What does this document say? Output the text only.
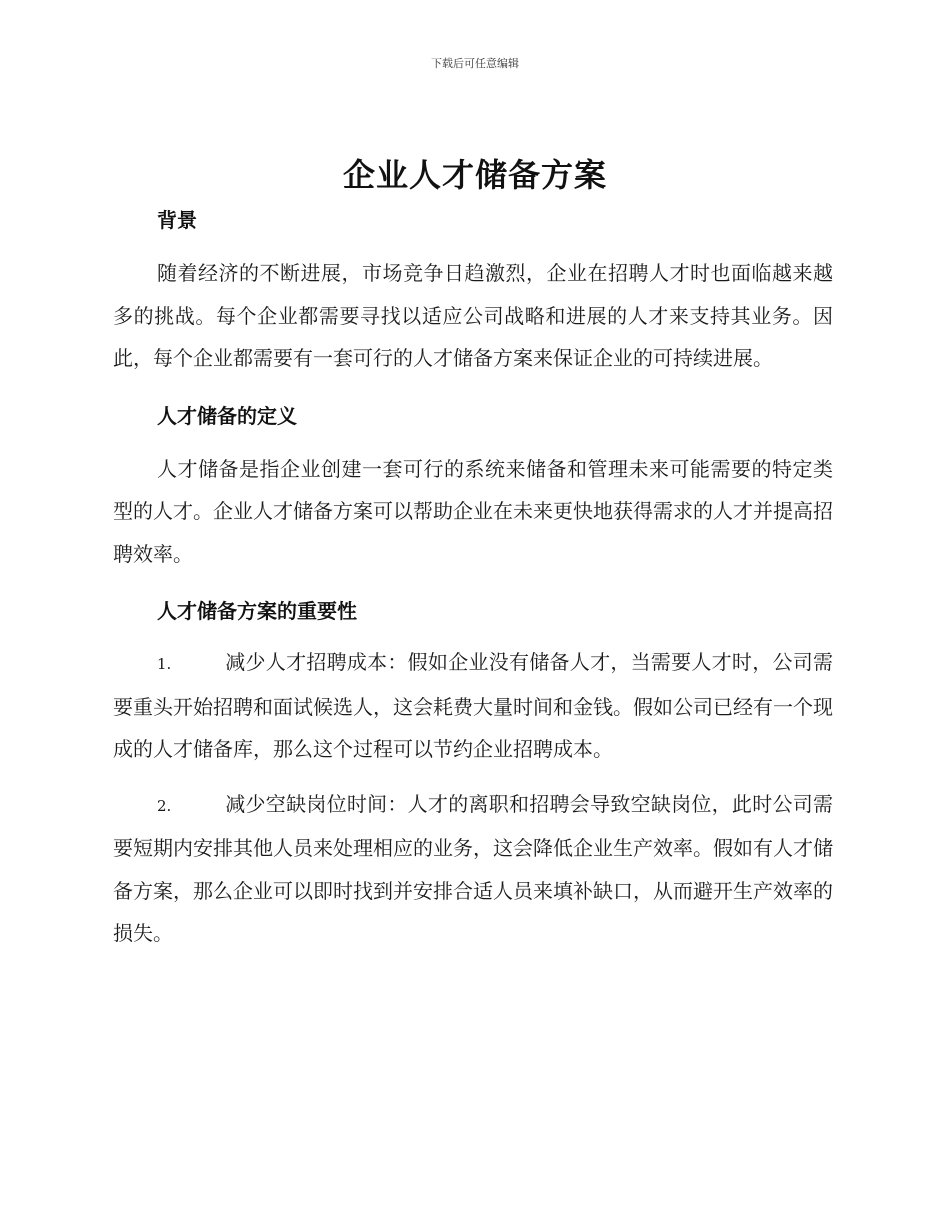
下载后可任意编辑
企业人才储备方案
背景

随着经济的不断进展，市场竞争日趋激烈，企业在招聘人才时也面临越来越多的挑战。每个企业都需要寻找以适应公司战略和进展的人才来支持其业务。因此，每个企业都需要有一套可行的人才储备方案来保证企业的可持续进展。

人才储备的定义

人才储备是指企业创建一套可行的系统来储备和管理未来可能需要的特定类型的人才。企业人才储备方案可以帮助企业在未来更快地获得需求的人才并提高招聘效率。

人才储备方案的重要性

1.	减少人才招聘成本：假如企业没有储备人才，当需要人才时，公司需要重头开始招聘和面试候选人，这会耗费大量时间和金钱。假如公司已经有一个现成的人才储备库，那么这个过程可以节约企业招聘成本。

2.	减少空缺岗位时间：人才的离职和招聘会导致空缺岗位，此时公司需要短期内安排其他人员来处理相应的业务，这会降低企业生产效率。假如有人才储备方案，那么企业可以即时找到并安排合适人员来填补缺口，从而避开生产效率的损失。
